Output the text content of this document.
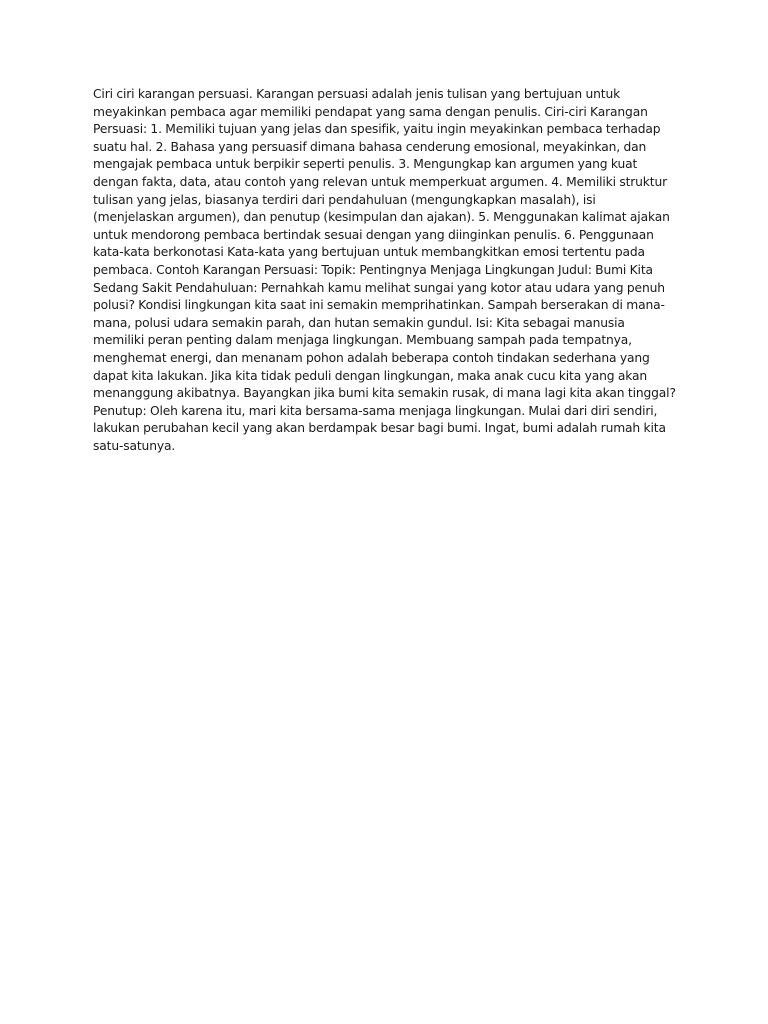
Ciri ciri karangan persuasi. Karangan persuasi adalah jenis tulisan yang bertujuan untuk meyakinkan pembaca agar memiliki pendapat yang sama dengan penulis. Ciri-ciri Karangan Persuasi: 1. Memiliki tujuan yang jelas dan spesifik, yaitu ingin meyakinkan pembaca terhadap suatu hal. 2. Bahasa yang persuasif dimana bahasa cenderung emosional, meyakinkan, dan mengajak pembaca untuk berpikir seperti penulis. 3. Mengungkap kan argumen yang kuat dengan fakta, data, atau contoh yang relevan untuk memperkuat argumen. 4. Memiliki struktur tulisan yang jelas, biasanya terdiri dari pendahuluan (mengungkapkan masalah), isi (menjelaskan argumen), dan penutup (kesimpulan dan ajakan). 5. Menggunakan kalimat ajakan untuk mendorong pembaca bertindak sesuai dengan yang diinginkan penulis. 6. Penggunaan kata-kata berkonotasi Kata-kata yang bertujuan untuk membangkitkan emosi tertentu pada pembaca. Contoh Karangan Persuasi: Topik: Pentingnya Menjaga Lingkungan Judul: Bumi Kita Sedang Sakit Pendahuluan: Pernahkah kamu melihat sungai yang kotor atau udara yang penuh polusi? Kondisi lingkungan kita saat ini semakin memprihatinkan. Sampah berserakan di mana-mana, polusi udara semakin parah, dan hutan semakin gundul. Isi: Kita sebagai manusia memiliki peran penting dalam menjaga lingkungan. Membuang sampah pada tempatnya, menghemat energi, dan menanam pohon adalah beberapa contoh tindakan sederhana yang dapat kita lakukan. Jika kita tidak peduli dengan lingkungan, maka anak cucu kita yang akan menanggung akibatnya. Bayangkan jika bumi kita semakin rusak, di mana lagi kita akan tinggal? Penutup: Oleh karena itu, mari kita bersama-sama menjaga lingkungan. Mulai dari diri sendiri, lakukan perubahan kecil yang akan berdampak besar bagi bumi. Ingat, bumi adalah rumah kita satu-satunya.
